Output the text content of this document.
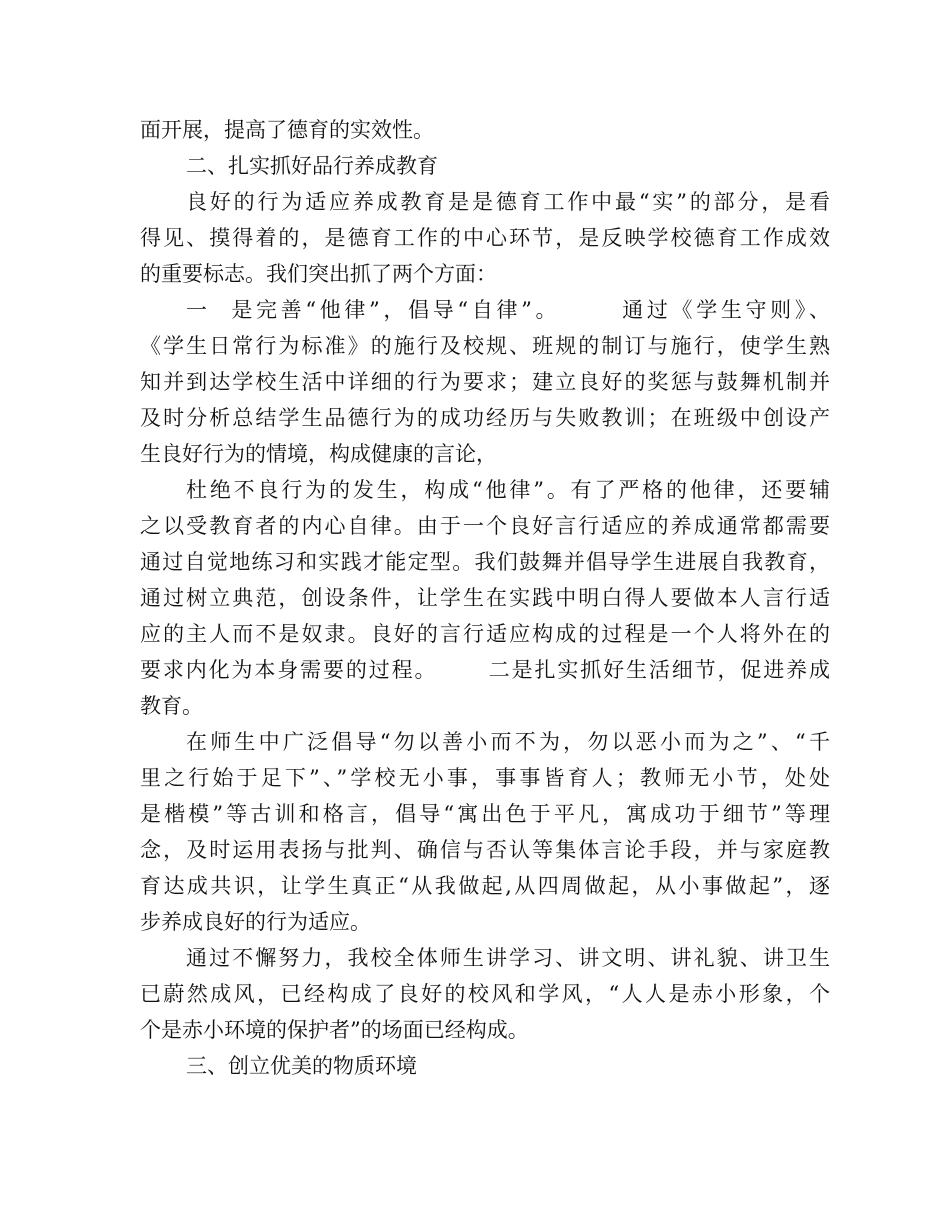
面开展，提高了德育的实效性。
二、扎实抓好品行养成教育
良好的行为适应养成教育是是德育工作中最“实”的部分，是看
得见、摸得着的，是德育工作的中心环节，是反映学校德育工作成效
的重要标志。我们突出抓了两个方面：
一  是完善“他律”，倡导“自律”。      通过《学生守则》、
《学生日常行为标准》的施行及校规、班规的制订与施行，使学生熟
知并到达学校生活中详细的行为要求；建立良好的奖惩与鼓舞机制并
及时分析总结学生品德行为的成功经历与失败教训；在班级中创设产
生良好行为的情境，构成健康的言论，
杜绝不良行为的发生，构成“他律”。有了严格的他律，还要辅
之以受教育者的内心自律。由于一个良好言行适应的养成通常都需要
通过自觉地练习和实践才能定型。我们鼓舞并倡导学生进展自我教育，
通过树立典范，创设条件，让学生在实践中明白得人要做本人言行适
应的主人而不是奴隶。良好的言行适应构成的过程是一个人将外在的
要求内化为本身需要的过程。      二是扎实抓好生活细节，促进养成
教育。
在师生中广泛倡导“勿以善小而不为，勿以恶小而为之”、“千
里之行始于足下”、”学校无小事，事事皆育人；教师无小节，处处
是楷模”等古训和格言，倡导“寓出色于平凡，寓成功于细节”等理
念，及时运用表扬与批判、确信与否认等集体言论手段，并与家庭教
育达成共识，让学生真正“从我做起,从四周做起，从小事做起”，逐
步养成良好的行为适应。
通过不懈努力，我校全体师生讲学习、讲文明、讲礼貌、讲卫生
已蔚然成风，已经构成了良好的校风和学风，“人人是赤小形象，个
个是赤小环境的保护者”的场面已经构成。
三、创立优美的物质环境
